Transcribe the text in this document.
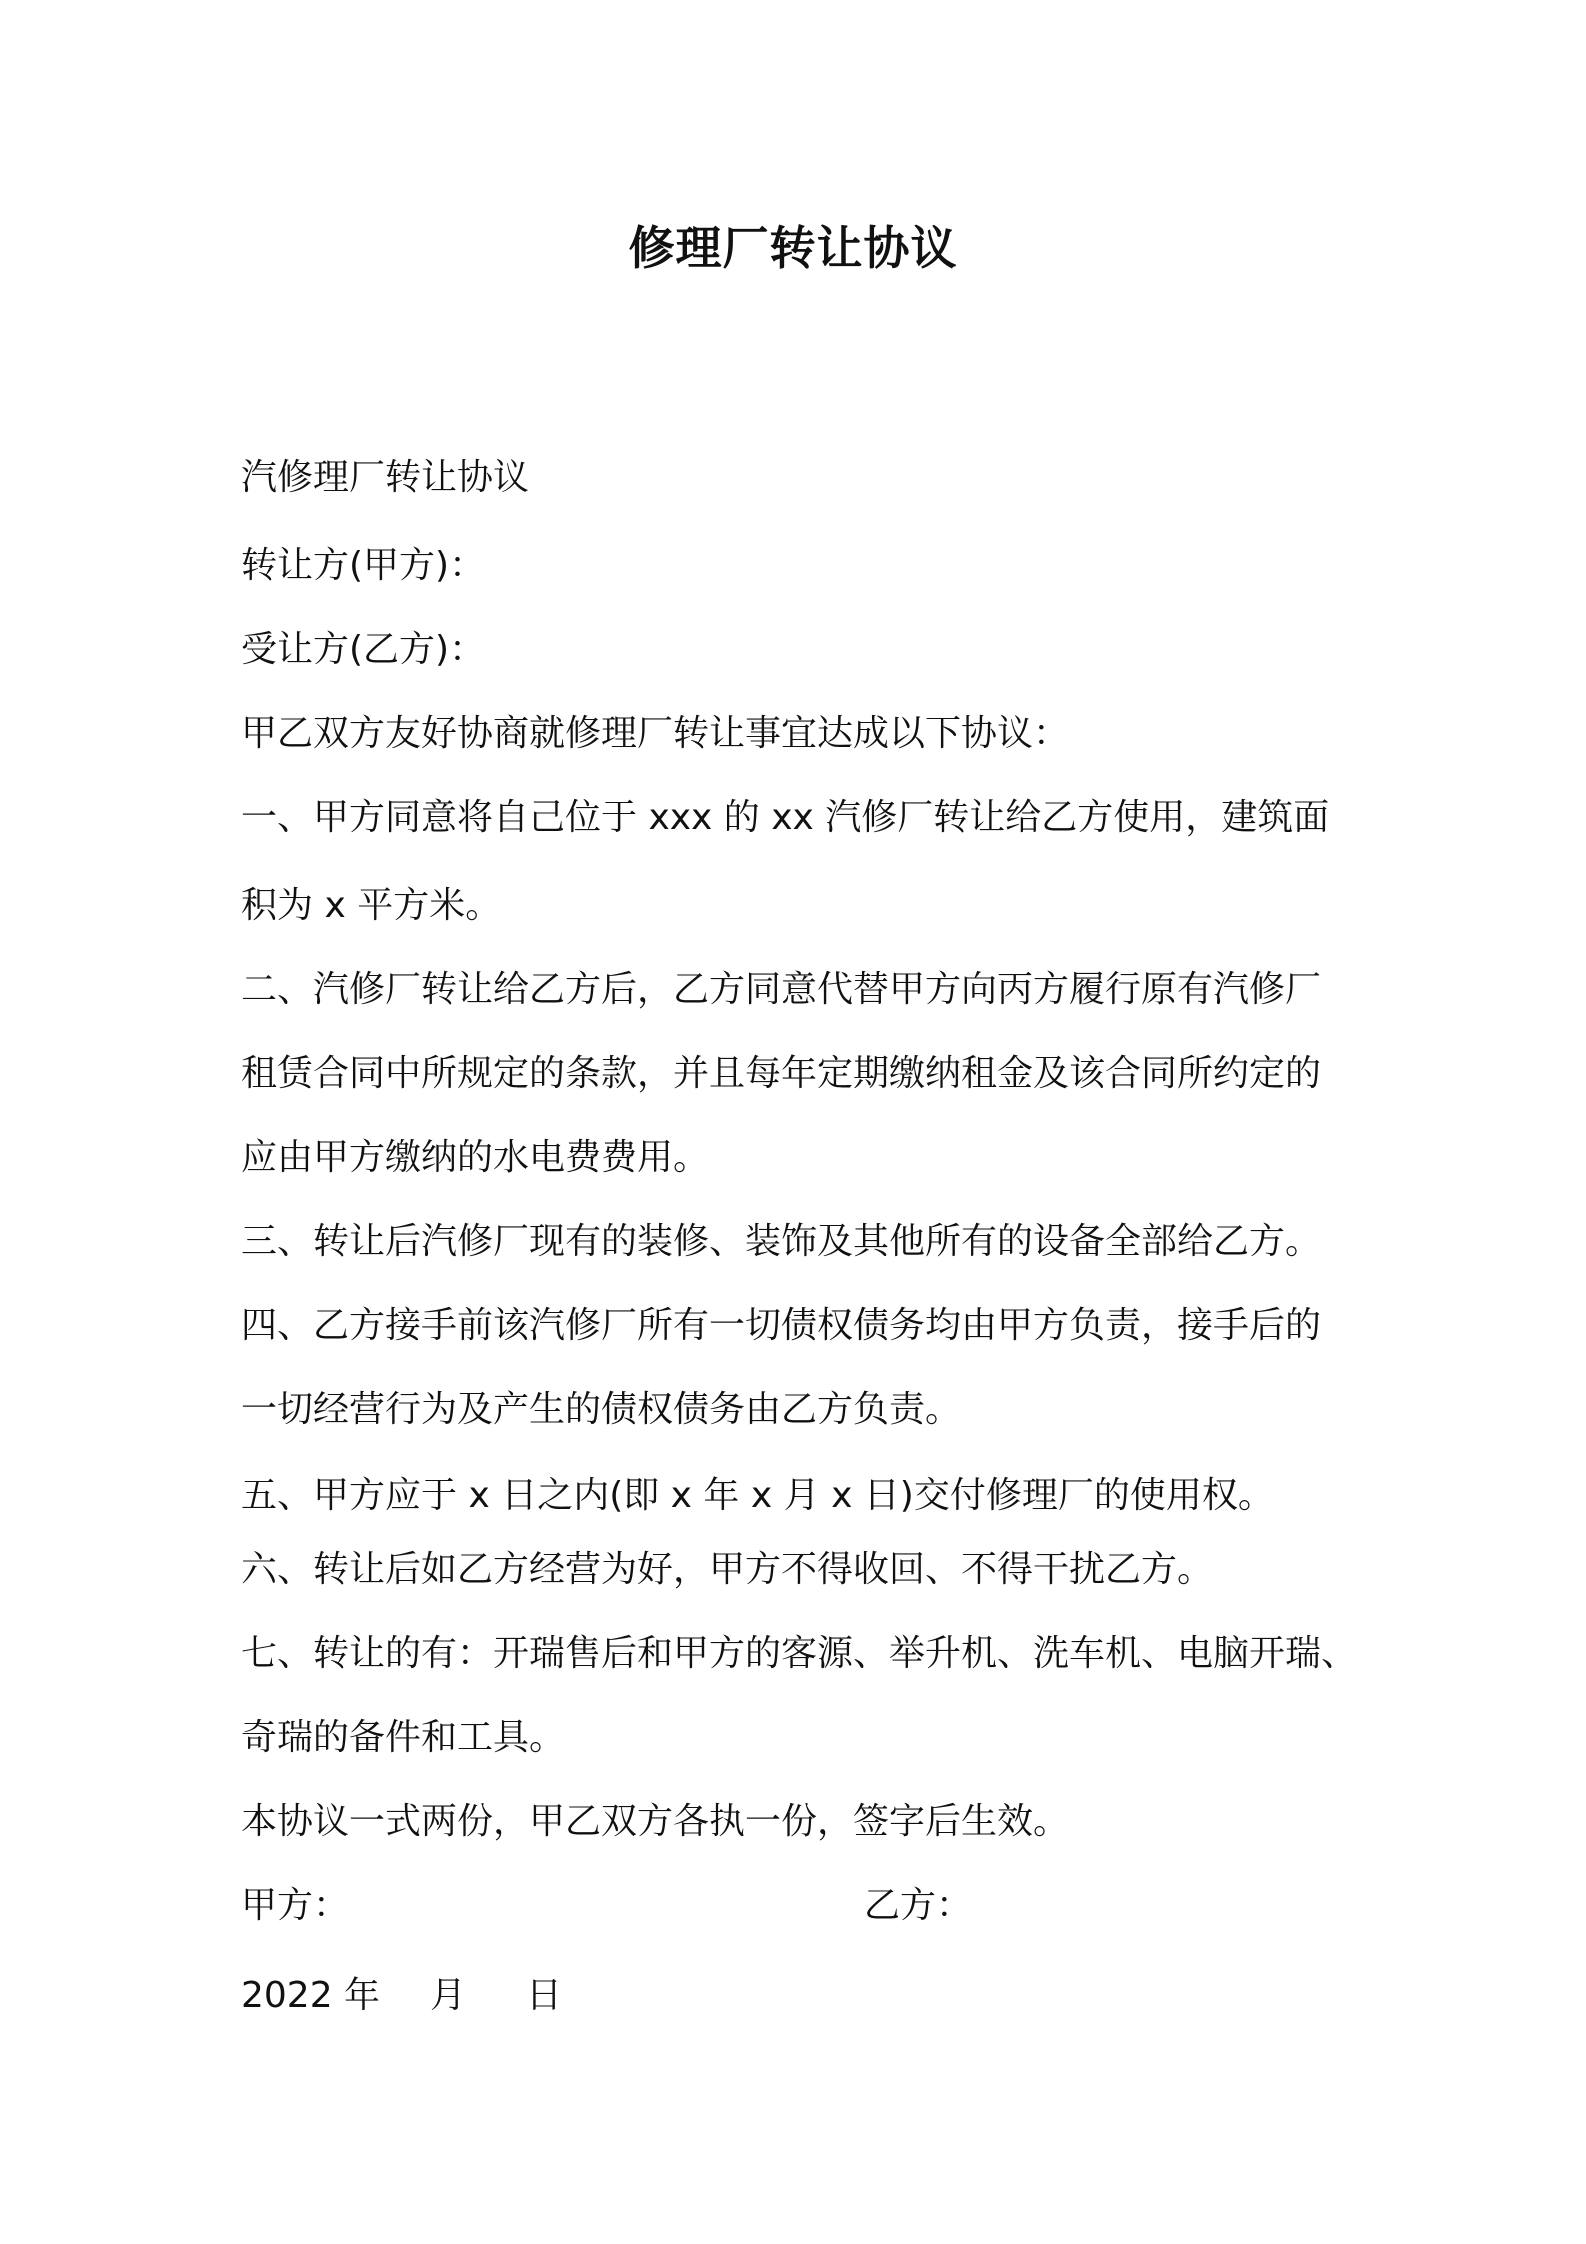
修理厂转让协议

汽修理厂转让协议

转让方(甲方)：

受让方(乙方)：

甲乙双方友好协商就修理厂转让事宜达成以下协议：

一、甲方同意将自己位于 xxx 的 xx 汽修厂转让给乙方使用，建筑面

积为 x 平方米。

二、汽修厂转让给乙方后，乙方同意代替甲方向丙方履行原有汽修厂

租赁合同中所规定的条款，并且每年定期缴纳租金及该合同所约定的

应由甲方缴纳的水电费费用。

三、转让后汽修厂现有的装修、装饰及其他所有的设备全部给乙方。

四、乙方接手前该汽修厂所有一切债权债务均由甲方负责，接手后的

一切经营行为及产生的债权债务由乙方负责。

五、甲方应于 x 日之内(即 x 年 x 月 x 日)交付修理厂的使用权。

六、转让后如乙方经营为好，甲方不得收回、不得干扰乙方。

七、转让的有：开瑞售后和甲方的客源、举升机、洗车机、电脑开瑞、

奇瑞的备件和工具。

本协议一式两份，甲乙双方各执一份，签字后生效。

甲方：	乙方：
2022 年 月 日
